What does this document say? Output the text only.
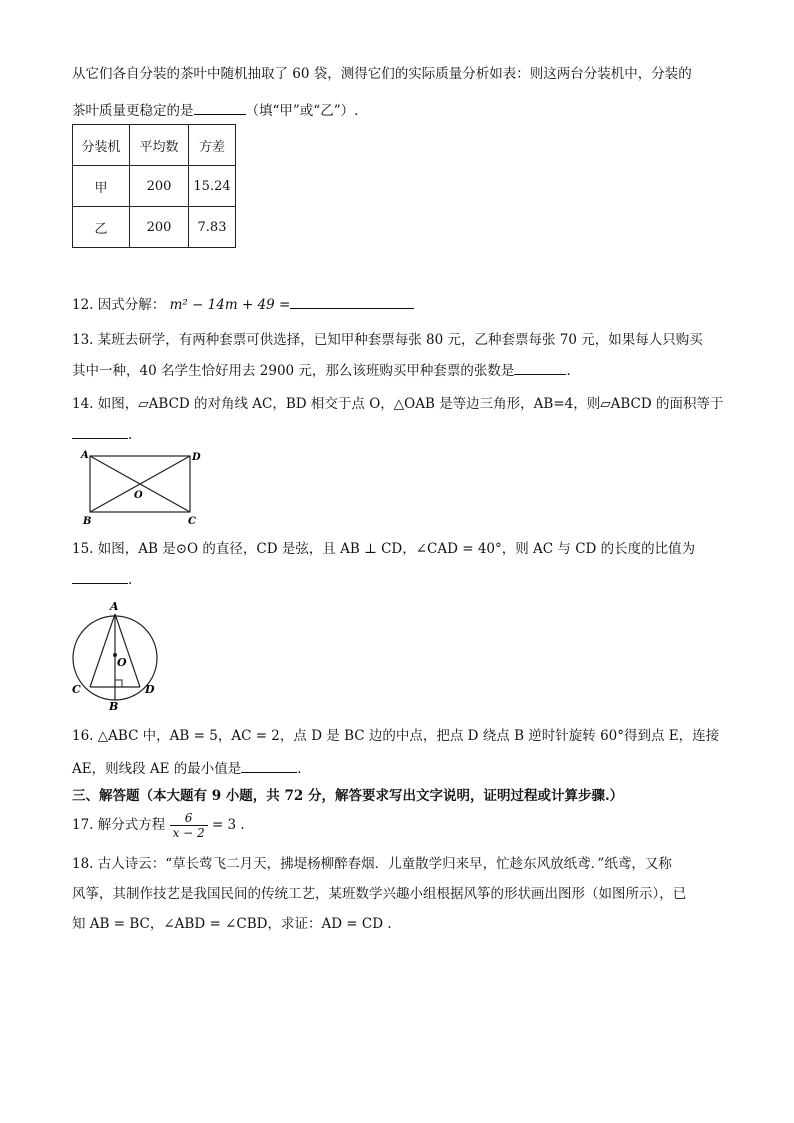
从它们各自分装的茶叶中随机抽取了 60 袋，测得它们的实际质量分析如表：则这两台分装机中，分装的
茶叶质量更稳定的是	（填“甲”或“乙”）.
分装机	平均数	方差
甲	200	15.24
乙	200	7.83
12. 因式分解： m² − 14m + 49 =
13. 某班去研学，有两种套票可供选择，已知甲种套票每张 80 元，乙种套票每张 70 元，如果每人只购买
其中一种，40 名学生恰好用去 2900 元，那么该班购买甲种套票的张数是	.
14. 如图，▱ABCD 的对角线 AC，BD 相交于点 O，△OAB 是等边三角形，AB=4，则▱ABCD 的面积等于
.
A	D
B	C
O
15. 如图，AB 是⊙O 的直径，CD 是弦，且 AB ⊥ CD，∠CAD = 40°，则 AC 与 CD 的长度的比值为
.
A
O
C	D
B
16. △ABC 中，AB = 5，AC = 2，点 D 是 BC 边的中点，把点 D 绕点 B 逆时针旋转 60°得到点 E，连接
AE，则线段 AE 的最小值是	.
三、解答题（本大题有 9 小题，共 72 分，解答要求写出文字说明，证明过程或计算步骤.）
17. 解分式方程 $\frac{6}{x - 2} = 3$ .
18. 古人诗云：“草长莺飞二月天，拂堤杨柳醉春烟．儿童散学归来早，忙趁东风放纸鸢．”纸鸢，又称
风筝，其制作技艺是我国民间的传统工艺，某班数学兴趣小组根据风筝的形状画出图形（如图所示），已
知 AB = BC，∠ABD = ∠CBD，求证：AD = CD .
